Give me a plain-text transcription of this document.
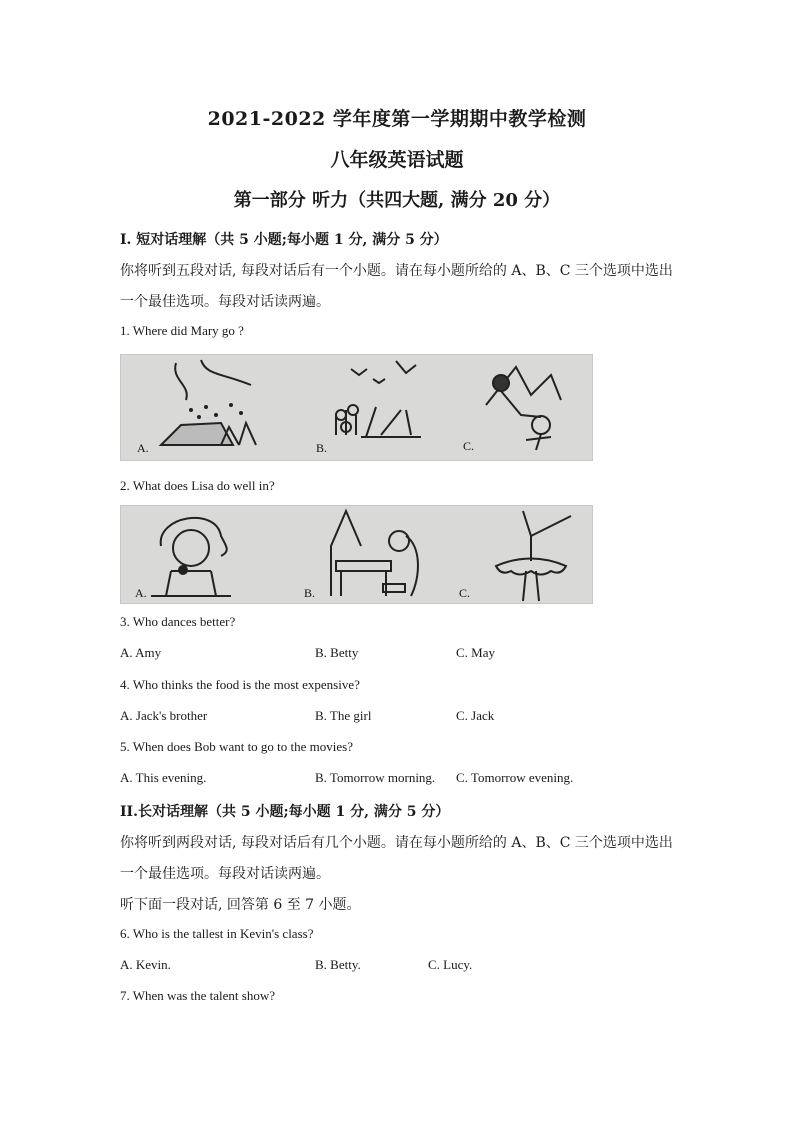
2021-2022 学年度第一学期期中教学检测
八年级英语试题
第一部分 听力（共四大题, 满分 20 分）
I. 短对话理解（共 5 小题;每小题 1 分, 满分 5 分）
你将听到五段对话, 每段对话后有一个小题。请在每小题所给的 A、B、C 三个选项中选出
一个最佳选项。每段对话读两遍。
1. Where did Mary go ?
A.	B.	C.
2. What does Lisa do well in?
A.	B.	C.
3. Who dances better?
A. Amy	B. Betty	C. May
4. Who thinks the food is the most expensive?
A. Jack's brother	B. The girl	C. Jack
5. When does Bob want to go to the movies?
A. This evening.	B. Tomorrow morning. C. Tomorrow evening.
II.长对话理解（共 5 小题;每小题 1 分, 满分 5 分）
你将听到两段对话, 每段对话后有几个小题。请在每小题所给的 A、B、C 三个选项中选出
一个最佳选项。每段对话读两遍。
听下面一段对话, 回答第 6 至 7 小题。
6. Who is the tallest in Kevin's class?
A. Kevin.	B. Betty.	C. Lucy.
7. When was the talent show?
